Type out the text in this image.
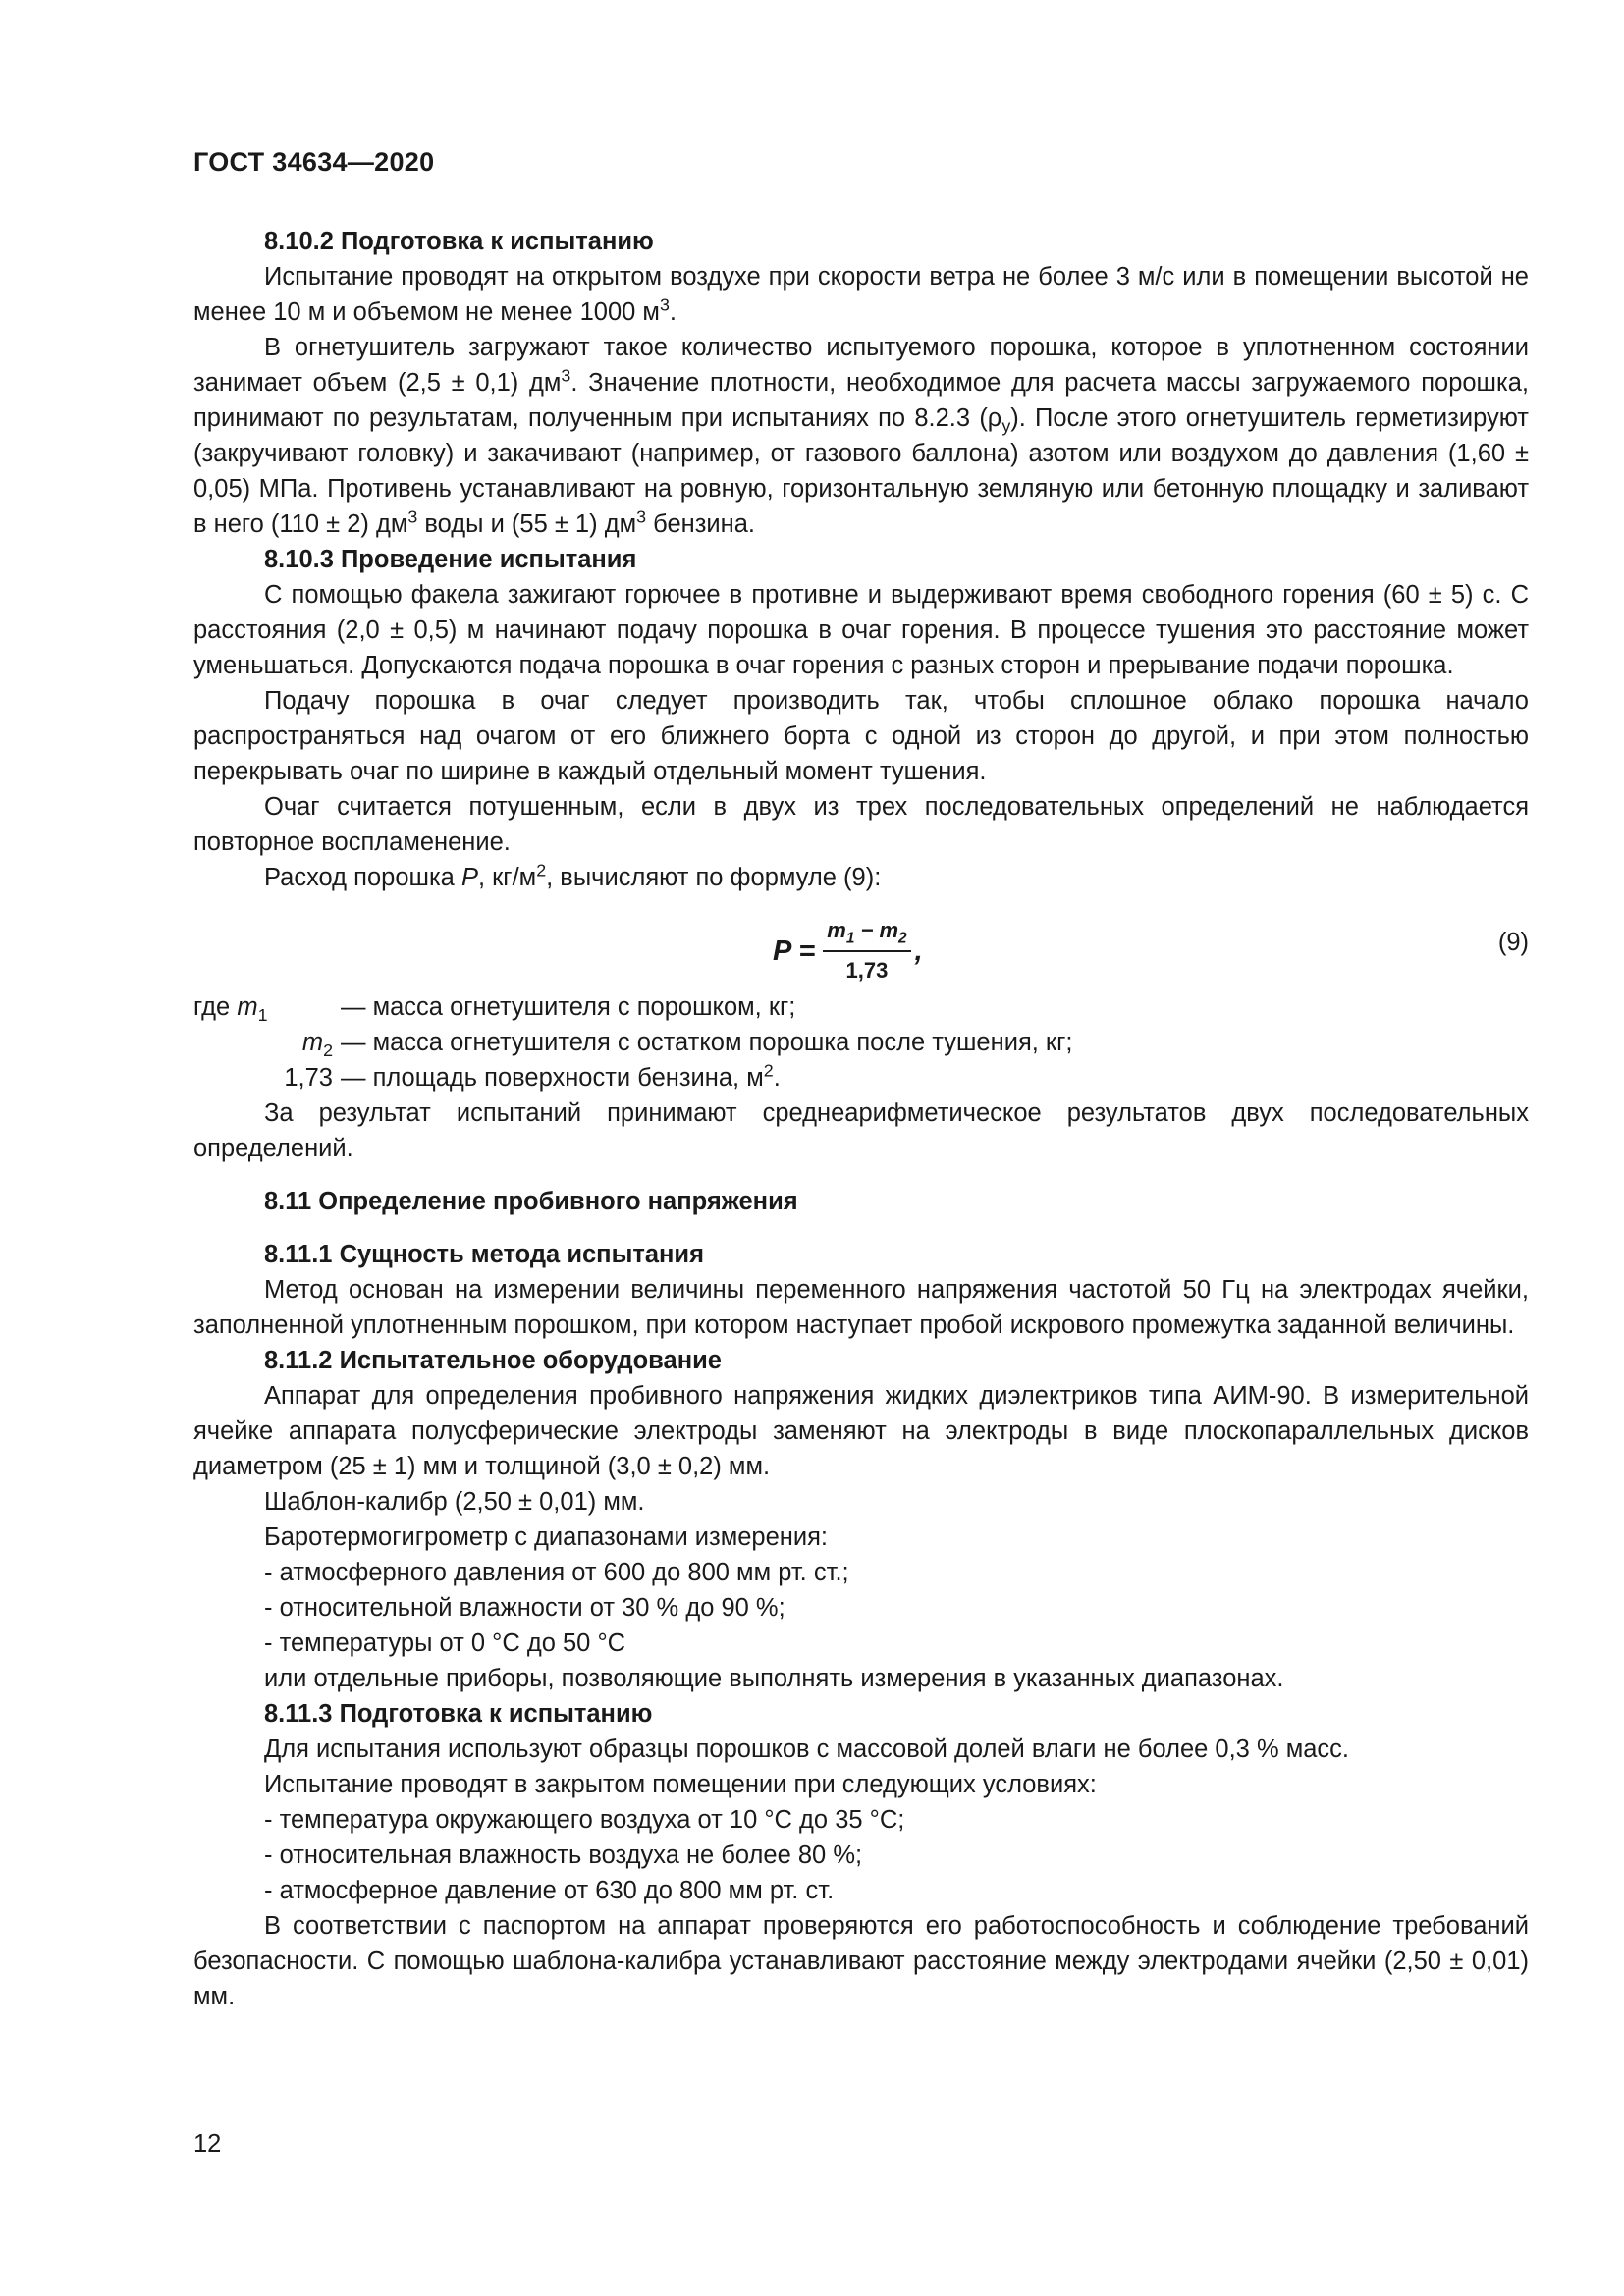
ГОСТ 34634—2020
8.10.2 Подготовка к испытанию

Испытание проводят на открытом воздухе при скорости ветра не более 3 м/с или в помещении высотой не менее 10 м и объемом не менее 1000 $м^3$.

В огнетушитель загружают такое количество испытуемого порошка, которое в уплотненном состоянии занимает объем (2,5 ± 0,1) $дм^3$. Значение плотности, необходимое для расчета массы загружаемого порошка, принимают по результатам, полученным при испытаниях по 8.2.3 $(\rho_у)$. После этого огнетушитель герметизируют (закручивают головку) и закачивают (например, от газового баллона) азотом или воздухом до давления (1,60 ± 0,05) МПа. Противень устанавливают на ровную, горизонтальную земляную или бетонную площадку и заливают в него (110 ± 2) $дм^3$ воды и (55 ± 1) $дм^3$ бензина.

8.10.3 Проведение испытания

С помощью факела зажигают горючее в противне и выдерживают время свободного горения (60 ± 5) с. С расстояния (2,0 ± 0,5) м начинают подачу порошка в очаг горения. В процессе тушения это расстояние может уменьшаться. Допускаются подача порошка в очаг горения с разных сторон и прерывание подачи порошка.

Подачу порошка в очаг следует производить так, чтобы сплошное облако порошка начало распространяться над очагом от его ближнего борта с одной из сторон до другой, и при этом полностью перекрывать очаг по ширине в каждый отдельный момент тушения.

Очаг считается потушенным, если в двух из трех последовательных определений не наблюдается повторное воспламенение.

Расход порошка P, $кг/м^2$, вычисляют по формуле (9):

$P = \frac{m_1 - m_2}{1,73}$ ,	(9)
где $m_1$	— масса огнетушителя с порошком, кг;
$m_2$ — масса огнетушителя с остатком порошка после тушения, кг;
1,73 — площадь поверхности бензина, $м^2$.

За результат испытаний принимают среднеарифметическое результатов двух последовательных определений.

8.11 Определение пробивного напряжения
8.11.1 Сущность метода испытания

Метод основан на измерении величины переменного напряжения частотой 50 Гц на электродах ячейки, заполненной уплотненным порошком, при котором наступает пробой искрового промежутка заданной величины.

8.11.2 Испытательное оборудование

Аппарат для определения пробивного напряжения жидких диэлектриков типа АИМ-90. В измерительной ячейке аппарата полусферические электроды заменяют на электроды в виде плоскопараллельных дисков диаметром (25 ± 1) мм и толщиной (3,0 ± 0,2) мм.

Шаблон-калибр (2,50 ± 0,01) мм.
Баротермогигрометр с диапазонами измерения:
- атмосферного давления от 600 до 800 мм рт. ст.;
- относительной влажности от 30 % до 90 %;
- температуры от 0 °С до 50 °С
или отдельные приборы, позволяющие выполнять измерения в указанных диапазонах.
8.11.3 Подготовка к испытанию
Для испытания используют образцы порошков с массовой долей влаги не более 0,3 % масс.
Испытание проводят в закрытом помещении при следующих условиях:
- температура окружающего воздуха от 10 °С до 35 °С;
- относительная влажность воздуха не более 80 %;
- атмосферное давление от 630 до 800 мм рт. ст.

В соответствии с паспортом на аппарат проверяются его работоспособность и соблюдение требований безопасности. С помощью шаблона-калибра устанавливают расстояние между электродами ячейки (2,50 ± 0,01) мм.

12
